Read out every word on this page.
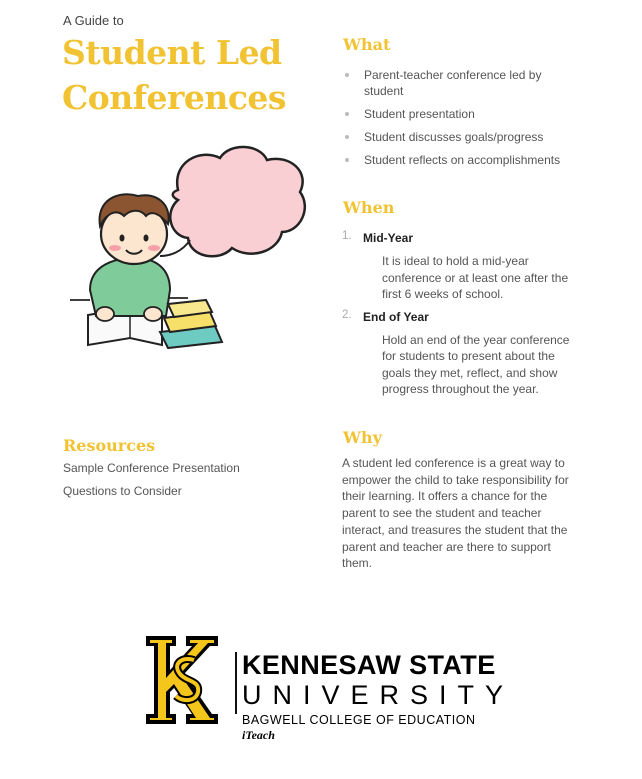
A Guide to
Student Led Conferences
What
Parent-teacher conference led by student
Student presentation
Student discusses goals/progress
Student reflects on accomplishments
When
1. Mid-Year
It is ideal to hold a mid-year conference or at least one after the first 6 weeks of school.
2. End of Year
Hold an end of the year conference for students to present about the goals they met, reflect, and show progress throughout the year.
Resources
Sample Conference Presentation
Questions to Consider
Why
A student led conference is a great way to empower the child to take responsibility for their learning. It offers a chance for the parent to see the student and teacher interact, and treasures the student that the parent and teacher are there to support them.
KENNESAW STATE
UNIVERSITY
BAGWELL COLLEGE OF EDUCATION
iTeach
